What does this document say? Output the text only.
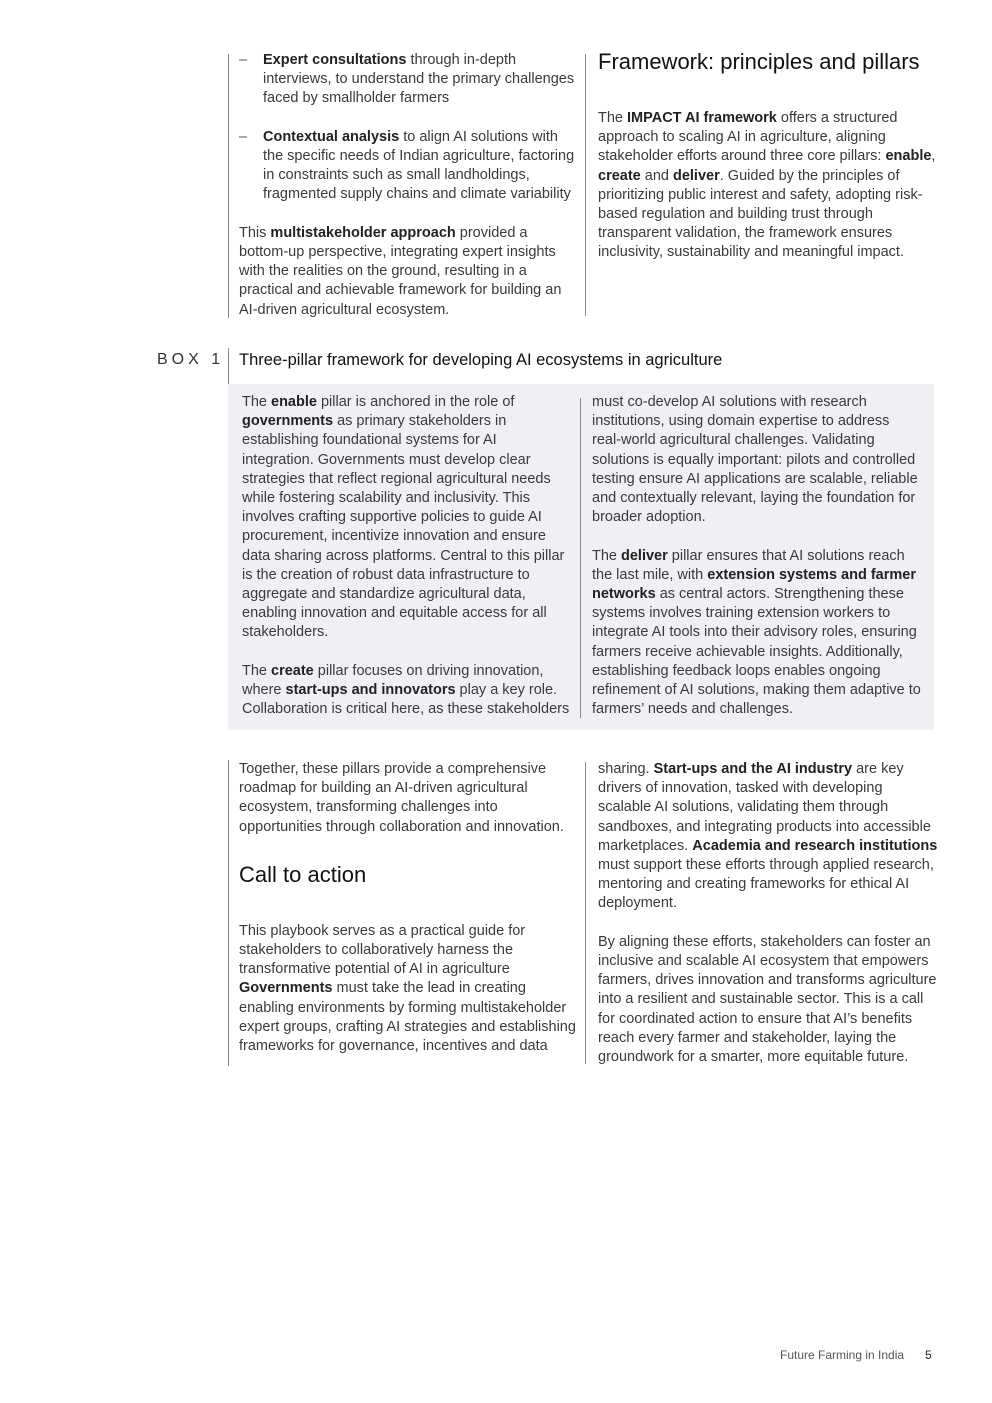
– Expert consultations through in-depth interviews, to understand the primary challenges faced by smallholder farmers
– Contextual analysis to align AI solutions with the specific needs of Indian agriculture, factoring in constraints such as small landholdings, fragmented supply chains and climate variability

This multistakeholder approach provided a bottom-up perspective, integrating expert insights with the realities on the ground, resulting in a practical and achievable framework for building an AI-driven agricultural ecosystem.

Framework: principles and pillars

The IMPACT AI framework offers a structured approach to scaling AI in agriculture, aligning stakeholder efforts around three core pillars: enable, create and deliver. Guided by the principles of prioritizing public interest and safety, adopting risk-based regulation and building trust through transparent validation, the framework ensures inclusivity, sustainability and meaningful impact.

BOX 1 Three-pillar framework for developing AI ecosystems in agriculture

The enable pillar is anchored in the role of governments as primary stakeholders in establishing foundational systems for AI integration. Governments must develop clear strategies that reflect regional agricultural needs while fostering scalability and inclusivity. This involves crafting supportive policies to guide AI procurement, incentivize innovation and ensure data sharing across platforms. Central to this pillar is the creation of robust data infrastructure to aggregate and standardize agricultural data, enabling innovation and equitable access for all stakeholders.

The create pillar focuses on driving innovation, where start-ups and innovators play a key role. Collaboration is critical here, as these stakeholders

must co-develop AI solutions with research institutions, using domain expertise to address real-world agricultural challenges. Validating solutions is equally important: pilots and controlled testing ensure AI applications are scalable, reliable and contextually relevant, laying the foundation for broader adoption.

The deliver pillar ensures that AI solutions reach the last mile, with extension systems and farmer networks as central actors. Strengthening these systems involves training extension workers to integrate AI tools into their advisory roles, ensuring farmers receive achievable insights. Additionally, establishing feedback loops enables ongoing refinement of AI solutions, making them adaptive to farmers’ needs and challenges.

Together, these pillars provide a comprehensive roadmap for building an AI-driven agricultural ecosystem, transforming challenges into opportunities through collaboration and innovation.

Call to action

This playbook serves as a practical guide for stakeholders to collaboratively harness the transformative potential of AI in agriculture Governments must take the lead in creating enabling environments by forming multistakeholder expert groups, crafting AI strategies and establishing frameworks for governance, incentives and data

sharing. Start-ups and the AI industry are key drivers of innovation, tasked with developing scalable AI solutions, validating them through sandboxes, and integrating products into accessible marketplaces. Academia and research institutions must support these efforts through applied research, mentoring and creating frameworks for ethical AI deployment.

By aligning these efforts, stakeholders can foster an inclusive and scalable AI ecosystem that empowers farmers, drives innovation and transforms agriculture into a resilient and sustainable sector. This is a call for coordinated action to ensure that AI’s benefits reach every farmer and stakeholder, laying the groundwork for a smarter, more equitable future.

Future Farming in India 5
